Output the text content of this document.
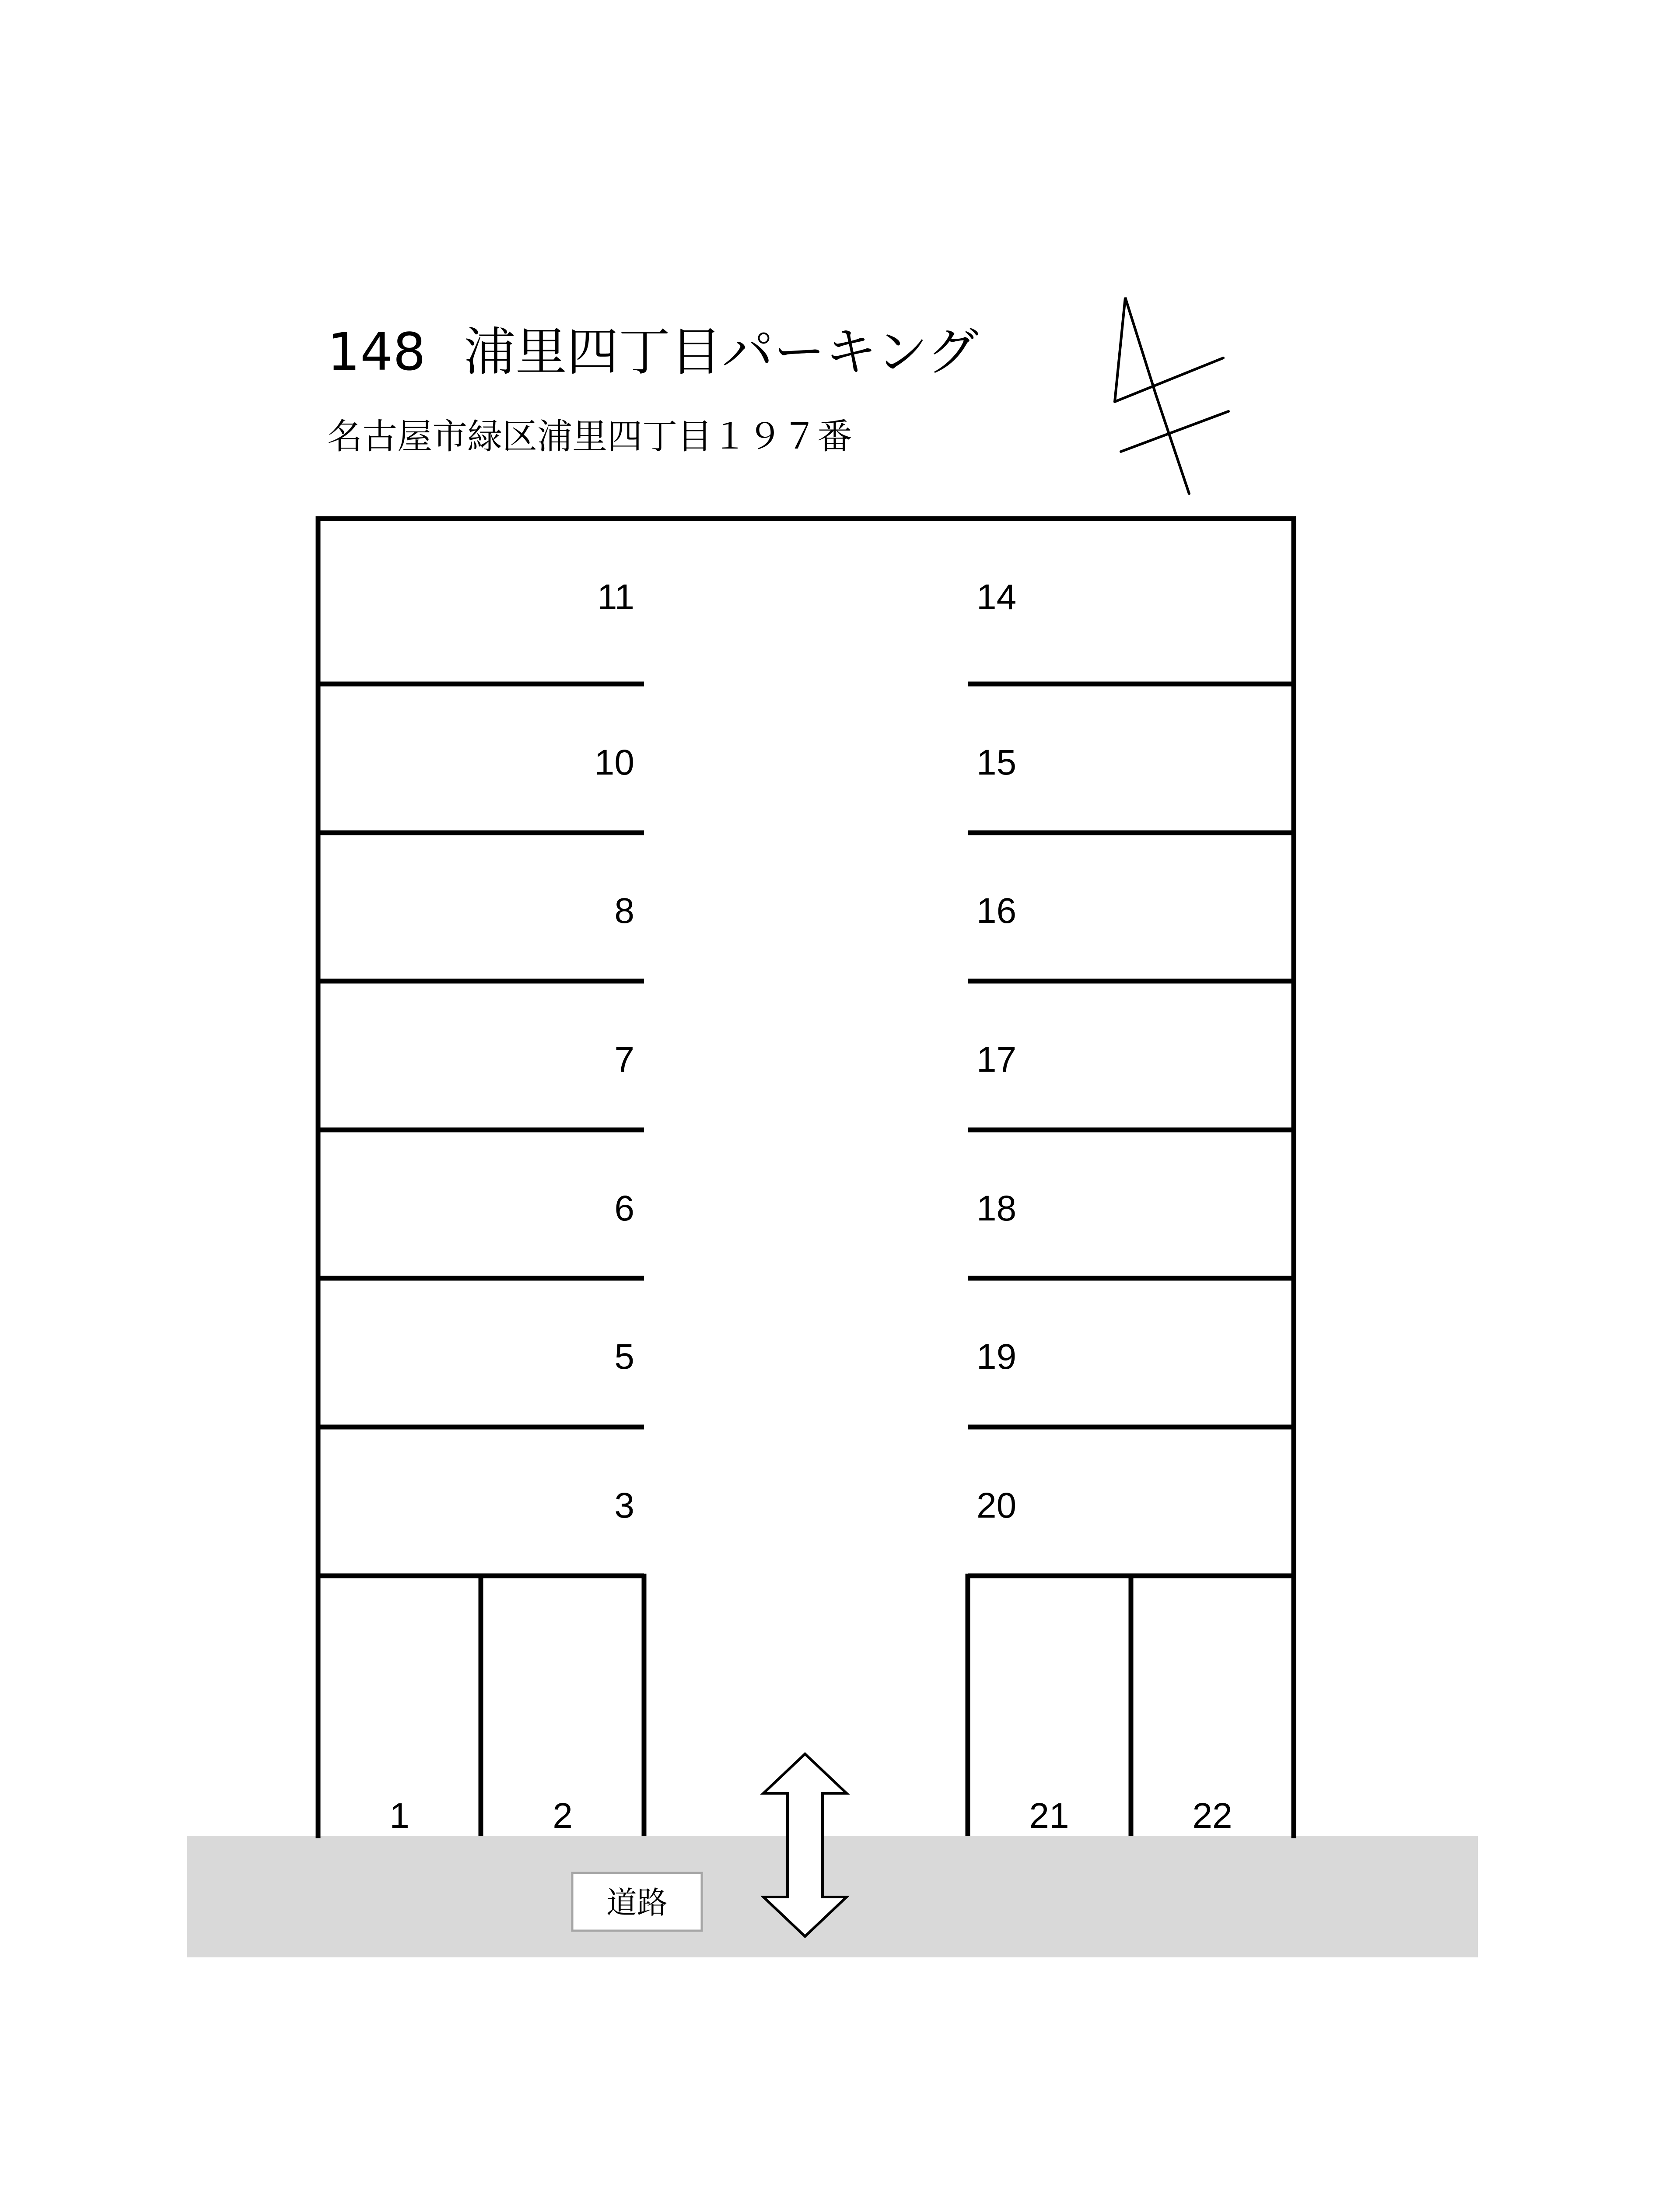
148 浦里四丁目パーキング
名古屋市緑区浦里四丁目１９７番
道路
11
10
8
7
6
5
3
14
15
16
17
18
19
20
1	2	21	22
